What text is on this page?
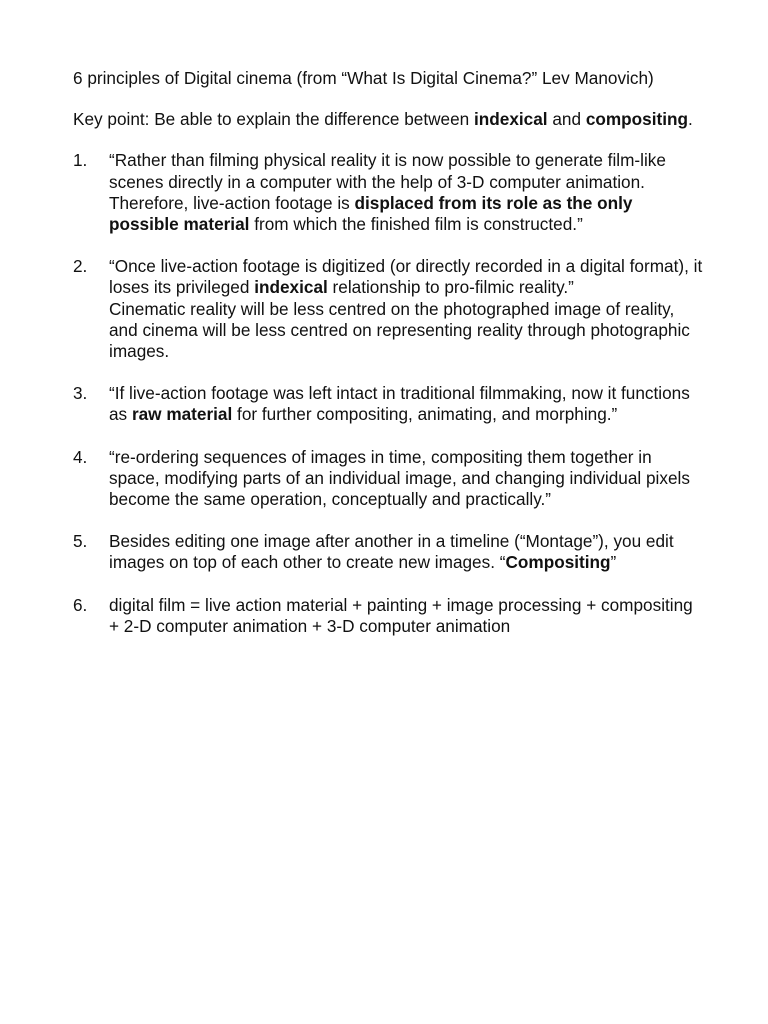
6 principles of Digital cinema (from “What Is Digital Cinema?” Lev Manovich)

Key point: Be able to explain the difference between indexical and compositing.

1. “Rather than filming physical reality it is now possible to generate film-like scenes directly in a computer with the help of 3-D computer animation. Therefore, live-action footage is displaced from its role as the only possible material from which the finished film is constructed.”
2. “Once live-action footage is digitized (or directly recorded in a digital format), it loses its privileged indexical relationship to pro-filmic reality.”
Cinematic reality will be less centred on the photographed image of reality, and cinema will be less centred on representing reality through photographic images.
3. “If live-action footage was left intact in traditional filmmaking, now it functions as raw material for further compositing, animating, and morphing.”
4. “re-ordering sequences of images in time, compositing them together in space, modifying parts of an individual image, and changing individual pixels become the same operation, conceptually and practically.”
5. Besides editing one image after another in a timeline (“Montage”), you edit images on top of each other to create new images. “Compositing”
6. digital film = live action material + painting + image processing + compositing + 2-D computer animation + 3-D computer animation
